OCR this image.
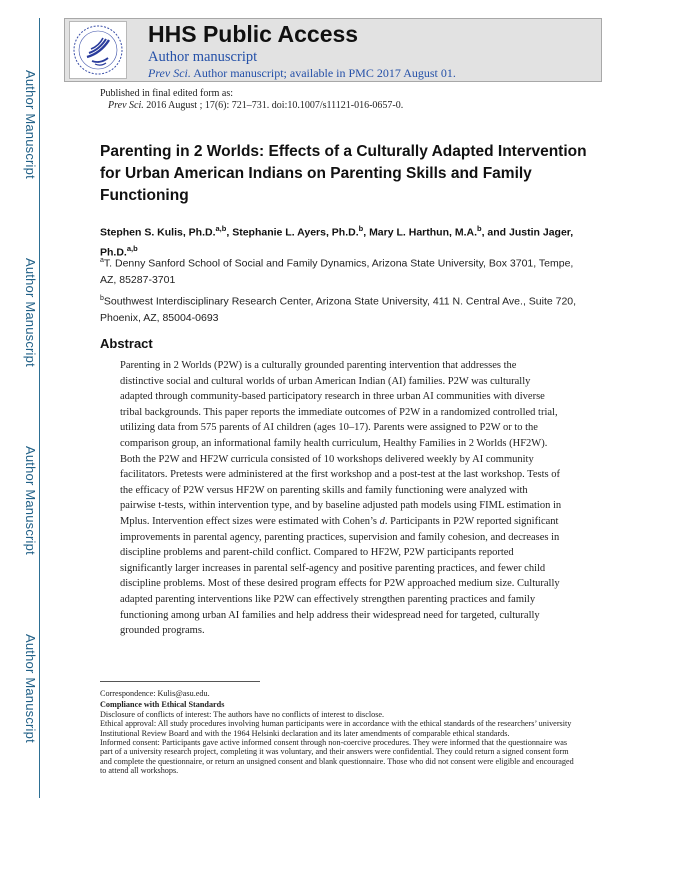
Author Manuscript
Author Manuscript
Author Manuscript
Author Manuscript
HHS Public Access
Author manuscript
Prev Sci. Author manuscript; available in PMC 2017 August 01.
Published in final edited form as:
Prev Sci. 2016 August ; 17(6): 721–731. doi:10.1007/s11121-016-0657-0.
Parenting in 2 Worlds: Effects of a Culturally Adapted Intervention for Urban American Indians on Parenting Skills and Family Functioning
Stephen S. Kulis, Ph.D.$^{a,b}$, Stephanie L. Ayers, Ph.D.$^b$, Mary L. Harthun, M.A.$^b$, and Justin Jager, Ph.D.$^{a,b}$
$^a$T. Denny Sanford School of Social and Family Dynamics, Arizona State University, Box 3701, Tempe, AZ, 85287-3701
$^b$Southwest Interdisciplinary Research Center, Arizona State University, 411 N. Central Ave., Suite 720, Phoenix, AZ, 85004-0693
Abstract
Parenting in 2 Worlds (P2W) is a culturally grounded parenting intervention that addresses the distinctive social and cultural worlds of urban American Indian (AI) families. P2W was culturally adapted through community-based participatory research in three urban AI communities with diverse tribal backgrounds. This paper reports the immediate outcomes of P2W in a randomized controlled trial, utilizing data from 575 parents of AI children (ages 10–17). Parents were assigned to P2W or to the comparison group, an informational family health curriculum, Healthy Families in 2 Worlds (HF2W). Both the P2W and HF2W curricula consisted of 10 workshops delivered weekly by AI community facilitators. Pretests were administered at the first workshop and a post-test at the last workshop. Tests of the efficacy of P2W versus HF2W on parenting skills and family functioning were analyzed with pairwise t-tests, within intervention type, and by baseline adjusted path models using FIML estimation in Mplus. Intervention effect sizes were estimated with Cohen’s d. Participants in P2W reported significant improvements in parental agency, parenting practices, supervision and family cohesion, and decreases in discipline problems and parent-child conflict. Compared to HF2W, P2W participants reported significantly larger increases in parental self-agency and positive parenting practices, and fewer child discipline problems. Most of these desired program effects for P2W approached medium size. Culturally adapted parenting interventions like P2W can effectively strengthen parenting practices and family functioning among urban AI families and help address their widespread need for targeted, culturally grounded programs.
Correspondence: Kulis@asu.edu.
Compliance with Ethical Standards
Disclosure of conflicts of interest: The authors have no conflicts of interest to disclose.
Ethical approval: All study procedures involving human participants were in accordance with the ethical standards of the researchers’ university Institutional Review Board and with the 1964 Helsinki declaration and its later amendments of comparable ethical standards.
Informed consent: Participants gave active informed consent through non-coercive procedures. They were informed that the questionnaire was part of a university research project, completing it was voluntary, and their answers were confidential. They could return a signed consent form and complete the questionnaire, or return an unsigned consent and blank questionnaire. Those who did not consent were eligible and encouraged to attend all workshops.
